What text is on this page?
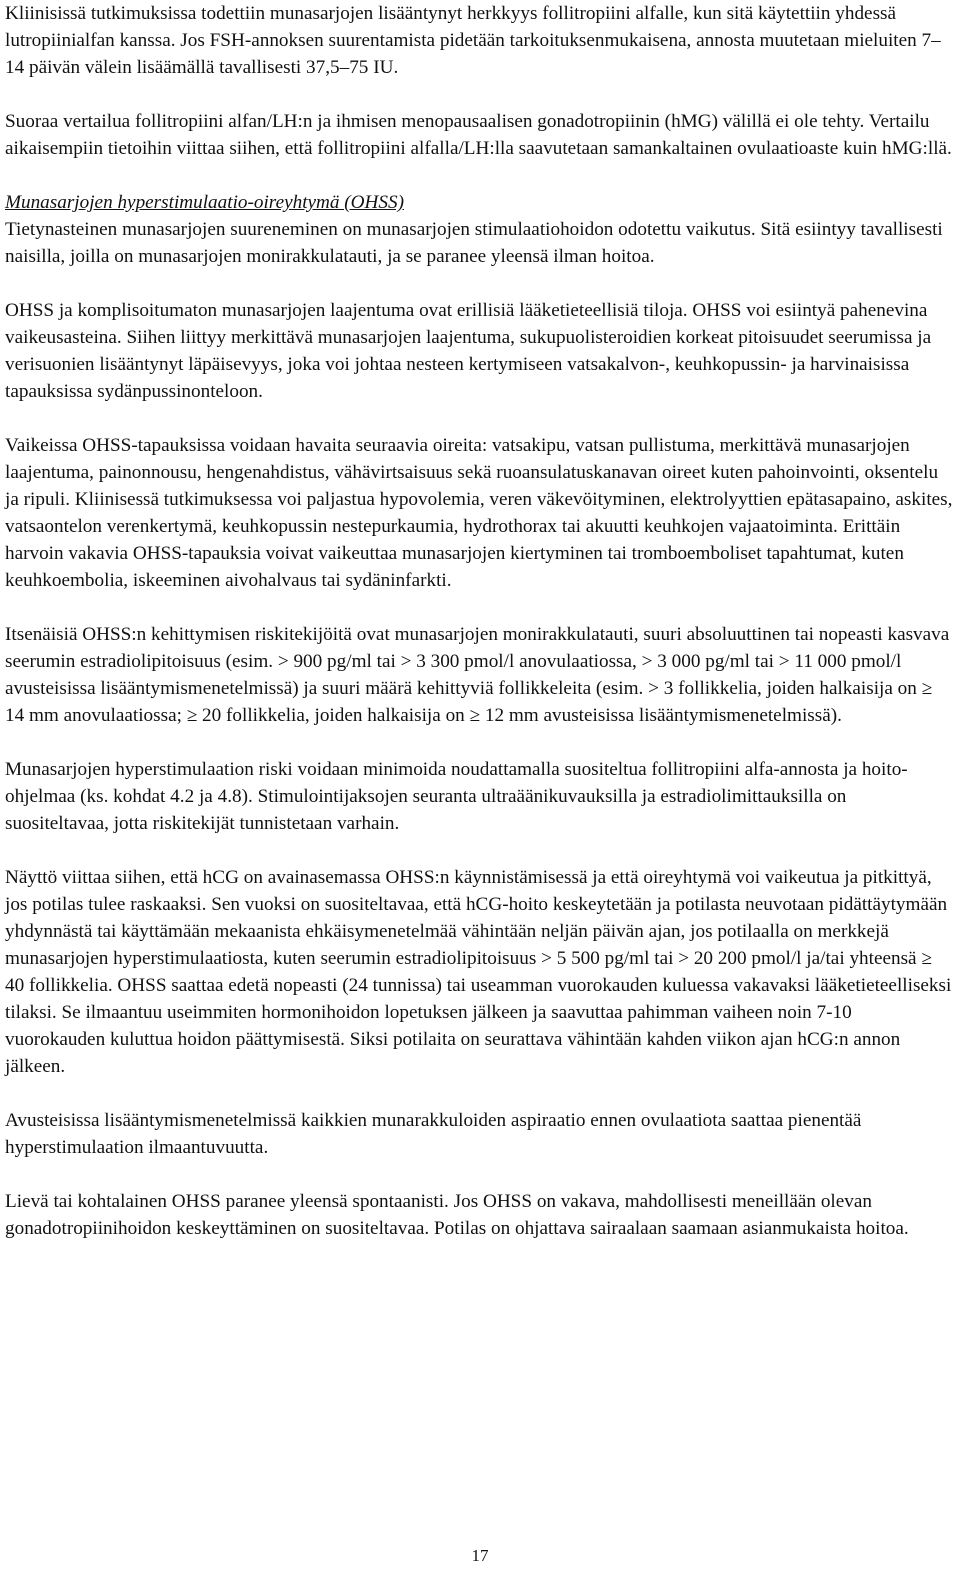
Kliinisissä tutkimuksissa todettiin munasarjojen lisääntynyt herkkyys follitropiini alfalle, kun sitä käytettiin yhdessä lutropiinialfan kanssa. Jos FSH-annoksen suurentamista pidetään tarkoituksenmukaisena, annosta muutetaan mieluiten 7–14 päivän välein lisäämällä tavallisesti 37,5–75 IU.

Suoraa vertailua follitropiini alfan/LH:n ja ihmisen menopausaalisen gonadotropiinin (hMG) välillä ei ole tehty. Vertailu aikaisempiin tietoihin viittaa siihen, että follitropiini alfalla/LH:lla saavutetaan samankaltainen ovulaatioaste kuin hMG:llä.

Munasarjojen hyperstimulaatio-oireyhtymä (OHSS)

Tietynasteinen munasarjojen suureneminen on munasarjojen stimulaatiohoidon odotettu vaikutus. Sitä esiintyy tavallisesti naisilla, joilla on munasarjojen monirakkulatauti, ja se paranee yleensä ilman hoitoa.

OHSS ja komplisoitumaton munasarjojen laajentuma ovat erillisiä lääketieteellisiä tiloja. OHSS voi esiintyä pahenevina vaikeusasteina. Siihen liittyy merkittävä munasarjojen laajentuma, sukupuolisteroidien korkeat pitoisuudet seerumissa ja verisuonien lisääntynyt läpäisevyys, joka voi johtaa nesteen kertymiseen vatsakalvon-, keuhkopussin- ja harvinaisissa tapauksissa sydänpussinonteloon.

Vaikeissa OHSS-tapauksissa voidaan havaita seuraavia oireita: vatsakipu, vatsan pullistuma, merkittävä munasarjojen laajentuma, painonnousu, hengenahdistus, vähävirtsaisuus sekä ruoansulatuskanavan oireet kuten pahoinvointi, oksentelu ja ripuli. Kliinisessä tutkimuksessa voi paljastua hypovolemia, veren väkevöityminen, elektrolyyttien epätasapaino, askites, vatsaontelon verenkertymä, keuhkopussin nestepurkaumia, hydrothorax tai akuutti keuhkojen vajaatoiminta. Erittäin harvoin vakavia OHSS-tapauksia voivat vaikeuttaa munasarjojen kiertyminen tai tromboemboliset tapahtumat, kuten keuhkoembolia, iskeeminen aivohalvaus tai sydäninfarkti.

Itsenäisiä OHSS:n kehittymisen riskitekijöitä ovat munasarjojen monirakkulatauti, suuri absoluuttinen tai nopeasti kasvava seerumin estradiolipitoisuus (esim. > 900 pg/ml tai > 3 300 pmol/l anovulaatiossa, > 3 000 pg/ml tai > 11 000 pmol/l avusteisissa lisääntymismenetelmissä) ja suuri määrä kehittyviä follikkeleita (esim. > 3 follikkelia, joiden halkaisija on ≥ 14 mm anovulaatiossa; ≥ 20 follikkelia, joiden halkaisija on ≥ 12 mm avusteisissa lisääntymismenetelmissä).

Munasarjojen hyperstimulaation riski voidaan minimoida noudattamalla suositeltua follitropiini alfa-annosta ja hoito-ohjelmaa (ks. kohdat 4.2 ja 4.8). Stimulointijaksojen seuranta ultraäänikuvauksilla ja estradiolimittauksilla on suositeltavaa, jotta riskitekijät tunnistetaan varhain.

Näyttö viittaa siihen, että hCG on avainasemassa OHSS:n käynnistämisessä ja että oireyhtymä voi vaikeutua ja pitkittyä, jos potilas tulee raskaaksi. Sen vuoksi on suositeltavaa, että hCG-hoito keskeytetään ja potilasta neuvotaan pidättäytymään yhdynnästä tai käyttämään mekaanista ehkäisymenetelmää vähintään neljän päivän ajan, jos potilaalla on merkkejä munasarjojen hyperstimulaatiosta, kuten seerumin estradiolipitoisuus > 5 500 pg/ml tai > 20 200 pmol/l ja/tai yhteensä ≥ 40 follikkelia. OHSS saattaa edetä nopeasti (24 tunnissa) tai useamman vuorokauden kuluessa vakavaksi lääketieteelliseksi tilaksi. Se ilmaantuu useimmiten hormonihoidon lopetuksen jälkeen ja saavuttaa pahimman vaiheen noin 7-10 vuorokauden kuluttua hoidon päättymisestä. Siksi potilaita on seurattava vähintään kahden viikon ajan hCG:n annon jälkeen.

Avusteisissa lisääntymismenetelmissä kaikkien munarakkuloiden aspiraatio ennen ovulaatiota saattaa pienentää hyperstimulaation ilmaantuvuutta.

Lievä tai kohtalainen OHSS paranee yleensä spontaanisti. Jos OHSS on vakava, mahdollisesti meneillään olevan gonadotropiinihoidon keskeyttäminen on suositeltavaa. Potilas on ohjattava sairaalaan saamaan asianmukaista hoitoa.

17
